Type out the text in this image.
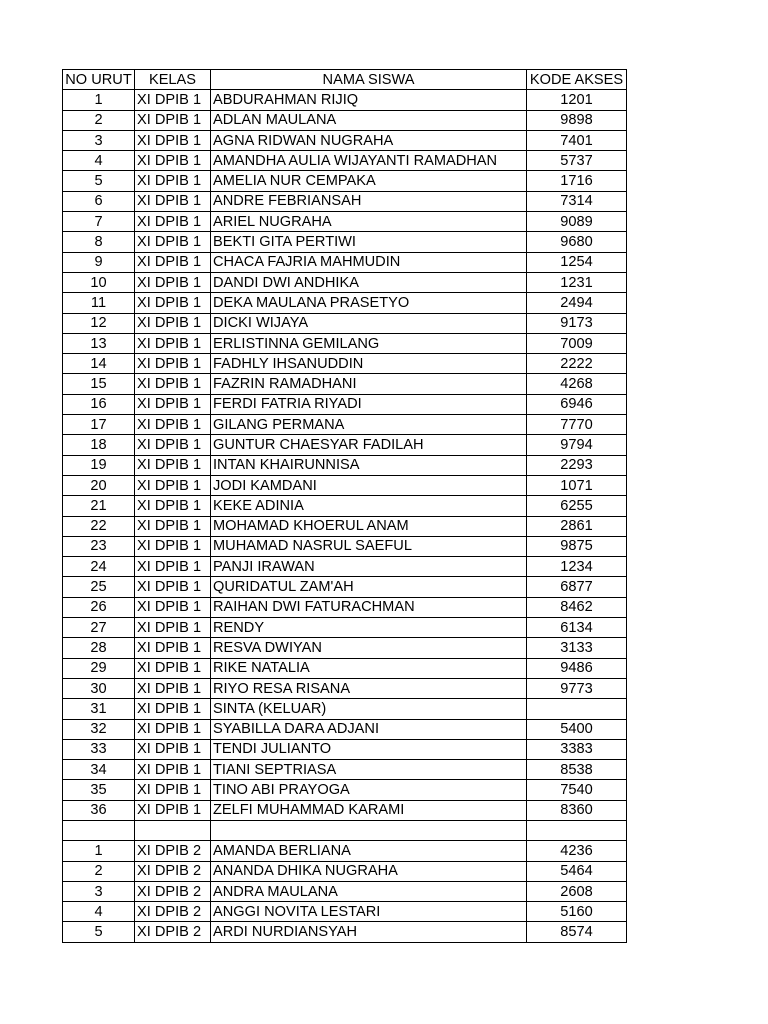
NO URUT	KELAS	NAMA SISWA	KODE AKSES
1	XI DPIB 1	ABDURAHMAN RIJIQ	1201
2	XI DPIB 1	ADLAN MAULANA	9898
3	XI DPIB 1	AGNA RIDWAN NUGRAHA	7401
4	XI DPIB 1	AMANDHA AULIA WIJAYANTI RAMADHAN	5737
5	XI DPIB 1	AMELIA NUR CEMPAKA	1716
6	XI DPIB 1	ANDRE FEBRIANSAH	7314
7	XI DPIB 1	ARIEL NUGRAHA	9089
8	XI DPIB 1	BEKTI GITA PERTIWI	9680
9	XI DPIB 1	CHACA FAJRIA MAHMUDIN	1254
10	XI DPIB 1	DANDI DWI ANDHIKA	1231
11	XI DPIB 1	DEKA MAULANA PRASETYO	2494
12	XI DPIB 1	DICKI WIJAYA	9173
13	XI DPIB 1	ERLISTINNA GEMILANG	7009
14	XI DPIB 1	FADHLY IHSANUDDIN	2222
15	XI DPIB 1	FAZRIN RAMADHANI	4268
16	XI DPIB 1	FERDI FATRIA RIYADI	6946
17	XI DPIB 1	GILANG PERMANA	7770
18	XI DPIB 1	GUNTUR CHAESYAR FADILAH	9794
19	XI DPIB 1	INTAN KHAIRUNNISA	2293
20	XI DPIB 1	JODI KAMDANI	1071
21	XI DPIB 1	KEKE ADINIA	6255
22	XI DPIB 1	MOHAMAD KHOERUL ANAM	2861
23	XI DPIB 1	MUHAMAD NASRUL SAEFUL	9875
24	XI DPIB 1	PANJI IRAWAN	1234
25	XI DPIB 1	QURIDATUL ZAM'AH	6877
26	XI DPIB 1	RAIHAN DWI FATURACHMAN	8462
27	XI DPIB 1	RENDY	6134
28	XI DPIB 1	RESVA DWIYAN	3133
29	XI DPIB 1	RIKE NATALIA	9486
30	XI DPIB 1	RIYO RESA RISANA	9773
31	XI DPIB 1	SINTA (KELUAR)	
32	XI DPIB 1	SYABILLA DARA ADJANI	5400
33	XI DPIB 1	TENDI JULIANTO	3383
34	XI DPIB 1	TIANI SEPTRIASA	8538
35	XI DPIB 1	TINO ABI PRAYOGA	7540
36	XI DPIB 1	ZELFI MUHAMMAD KARAMI	8360

1	XI DPIB 2	AMANDA BERLIANA	4236
2	XI DPIB 2	ANANDA DHIKA NUGRAHA	5464
3	XI DPIB 2	ANDRA MAULANA	2608
4	XI DPIB 2	ANGGI NOVITA LESTARI	5160
5	XI DPIB 2	ARDI NURDIANSYAH	8574
